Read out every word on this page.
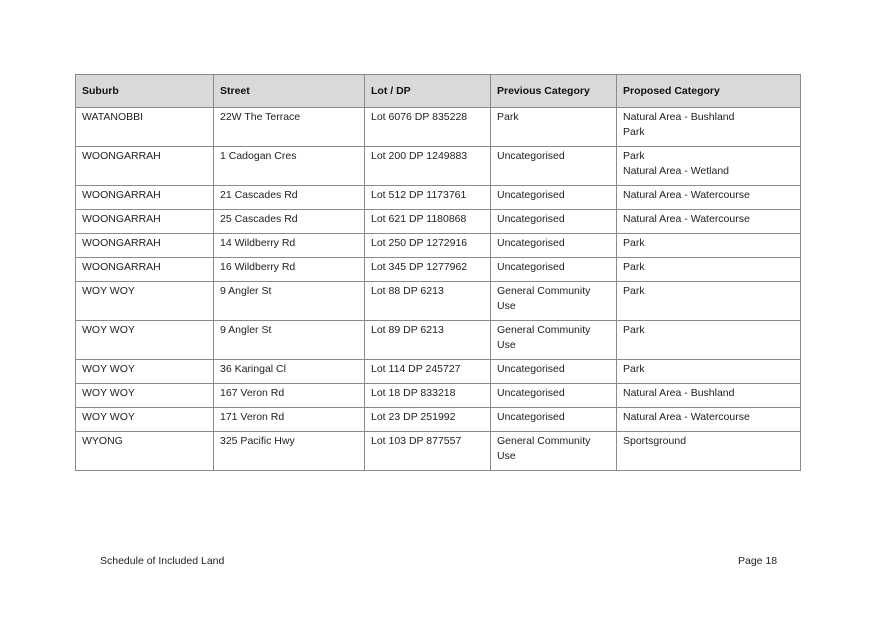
Suburb	Street	Lot / DP	Previous Category	Proposed Category
WATANOBBI	22W The Terrace	Lot 6076 DP 835228	Park	Natural Area - Bushland
Park

WOONGARRAH	1 Cadogan Cres	Lot 200 DP 1249883	Uncategorised	Park
Natural Area - Wetland

WOONGARRAH	21 Cascades Rd	Lot 512 DP 1173761	Uncategorised	Natural Area - Watercourse

WOONGARRAH	25 Cascades Rd	Lot 621 DP 1180868	Uncategorised	Natural Area - Watercourse

WOONGARRAH	14 Wildberry Rd	Lot 250 DP 1272916	Uncategorised	Park

WOONGARRAH	16 Wildberry Rd	Lot 345 DP 1277962	Uncategorised	Park

WOY WOY	9 Angler St	Lot 88 DP 6213	General Community Use	Park

WOY WOY	9 Angler St	Lot 89 DP 6213	General Community Use	Park

WOY WOY	36 Karingal Cl	Lot 114 DP 245727	Uncategorised	Park

WOY WOY	167 Veron Rd	Lot 18 DP 833218	Uncategorised	Natural Area - Bushland

WOY WOY	171 Veron Rd	Lot 23 DP 251992	Uncategorised	Natural Area - Watercourse

WYONG	325 Pacific Hwy	Lot 103 DP 877557	General Community Use	Sportsground
Schedule of Included Land	Page 18
